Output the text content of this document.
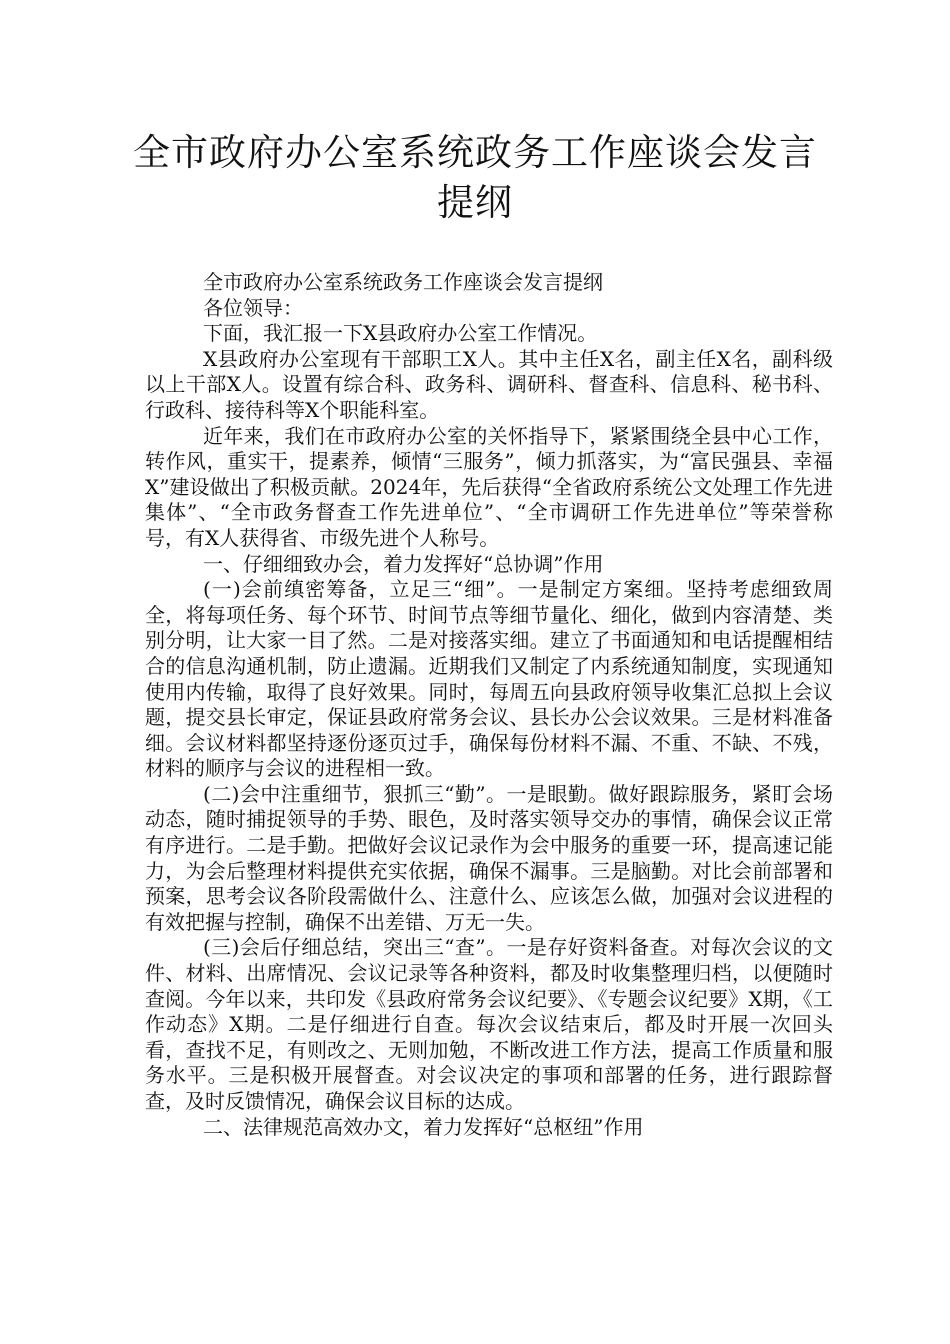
全市政府办公室系统政务工作座谈会发言提纲

全市政府办公室系统政务工作座谈会发言提纲

各位领导：

下面，我汇报一下X县政府办公室工作情况。

X县政府办公室现有干部职工X人。其中主任X名，副主任X名，副科级以上干部X人。设置有综合科、政务科、调研科、督查科、信息科、秘书科、行政科、接待科等X个职能科室。

近年来，我们在市政府办公室的关怀指导下，紧紧围绕全县中心工作，转作风，重实干，提素养，倾情“三服务”，倾力抓落实，为“富民强县、幸福X”建设做出了积极贡献。2024年，先后获得“全省政府系统公文处理工作先进集体”、“全市政务督查工作先进单位”、“全市调研工作先进单位”等荣誉称号，有X人获得省、市级先进个人称号。

一、仔细细致办会，着力发挥好“总协调”作用

(一)会前缜密筹备，立足三“细”。一是制定方案细。坚持考虑细致周全，将每项任务、每个环节、时间节点等细节量化、细化，做到内容清楚、类别分明，让大家一目了然。二是对接落实细。建立了书面通知和电话提醒相结合的信息沟通机制，防止遗漏。近期我们又制定了内系统通知制度，实现通知使用内传输，取得了良好效果。同时，每周五向县政府领导收集汇总拟上会议题，提交县长审定，保证县政府常务会议、县长办公会议效果。三是材料准备细。会议材料都坚持逐份逐页过手，确保每份材料不漏、不重、不缺、不残，材料的顺序与会议的进程相一致。

(二)会中注重细节，狠抓三“勤”。一是眼勤。做好跟踪服务，紧盯会场动态，随时捕捉领导的手势、眼色，及时落实领导交办的事情，确保会议正常有序进行。二是手勤。把做好会议记录作为会中服务的重要一环，提高速记能力，为会后整理材料提供充实依据，确保不漏事。三是脑勤。对比会前部署和预案，思考会议各阶段需做什么、注意什么、应该怎么做，加强对会议进程的有效把握与控制，确保不出差错、万无一失。

(三)会后仔细总结，突出三“查”。一是存好资料备查。对每次会议的文件、材料、出席情况、会议记录等各种资料，都及时收集整理归档，以便随时查阅。今年以来，共印发《县政府常务会议纪要》、《专题会议纪要》X期，《工作动态》X期。二是仔细进行自查。每次会议结束后，都及时开展一次回头看，查找不足，有则改之、无则加勉，不断改进工作方法，提高工作质量和服务水平。三是积极开展督查。对会议决定的事项和部署的任务，进行跟踪督查，及时反馈情况，确保会议目标的达成。

二、法律规范高效办文，着力发挥好“总枢纽”作用
